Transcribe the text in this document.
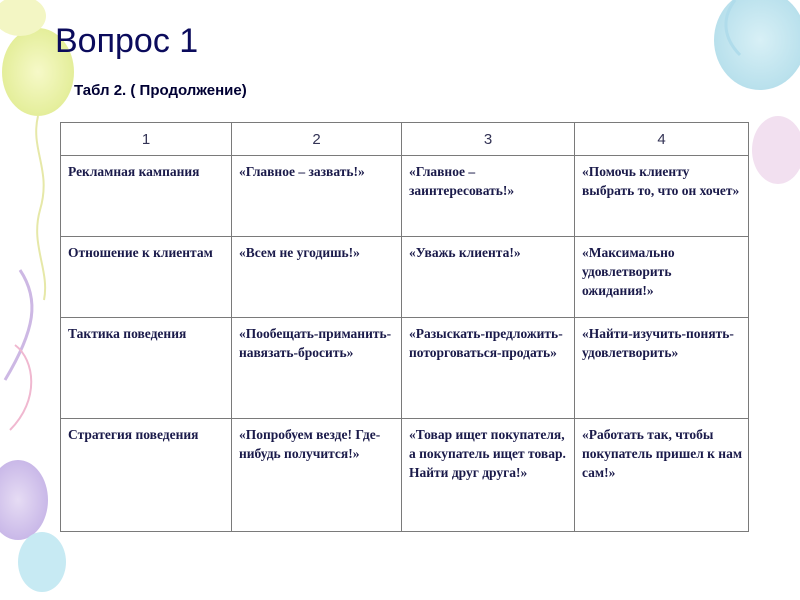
Вопрос 1
Табл 2. ( Продолжение)
1	2	3	4
Рекламная кампания	«Главное – зазвать!»	«Главное – заинтересовать!»	«Помочь клиенту выбрать то, что он хочет»
Отношение к клиентам	«Всем не угодишь!»	«Уважь клиента!»	«Максимально удовлетворить ожидания!»
Тактика поведения	«Пообещать-приманить-навязать-бросить»	«Разыскать-предложить-поторговаться-продать»	«Найти-изучить-понять-удовлетворить»
Стратегия поведения	«Попробуем везде! Где-нибудь получится!»	«Товар ищет покупателя, а покупатель ищет товар. Найти друг друга!»	«Работать так, чтобы покупатель пришел к нам сам!»
